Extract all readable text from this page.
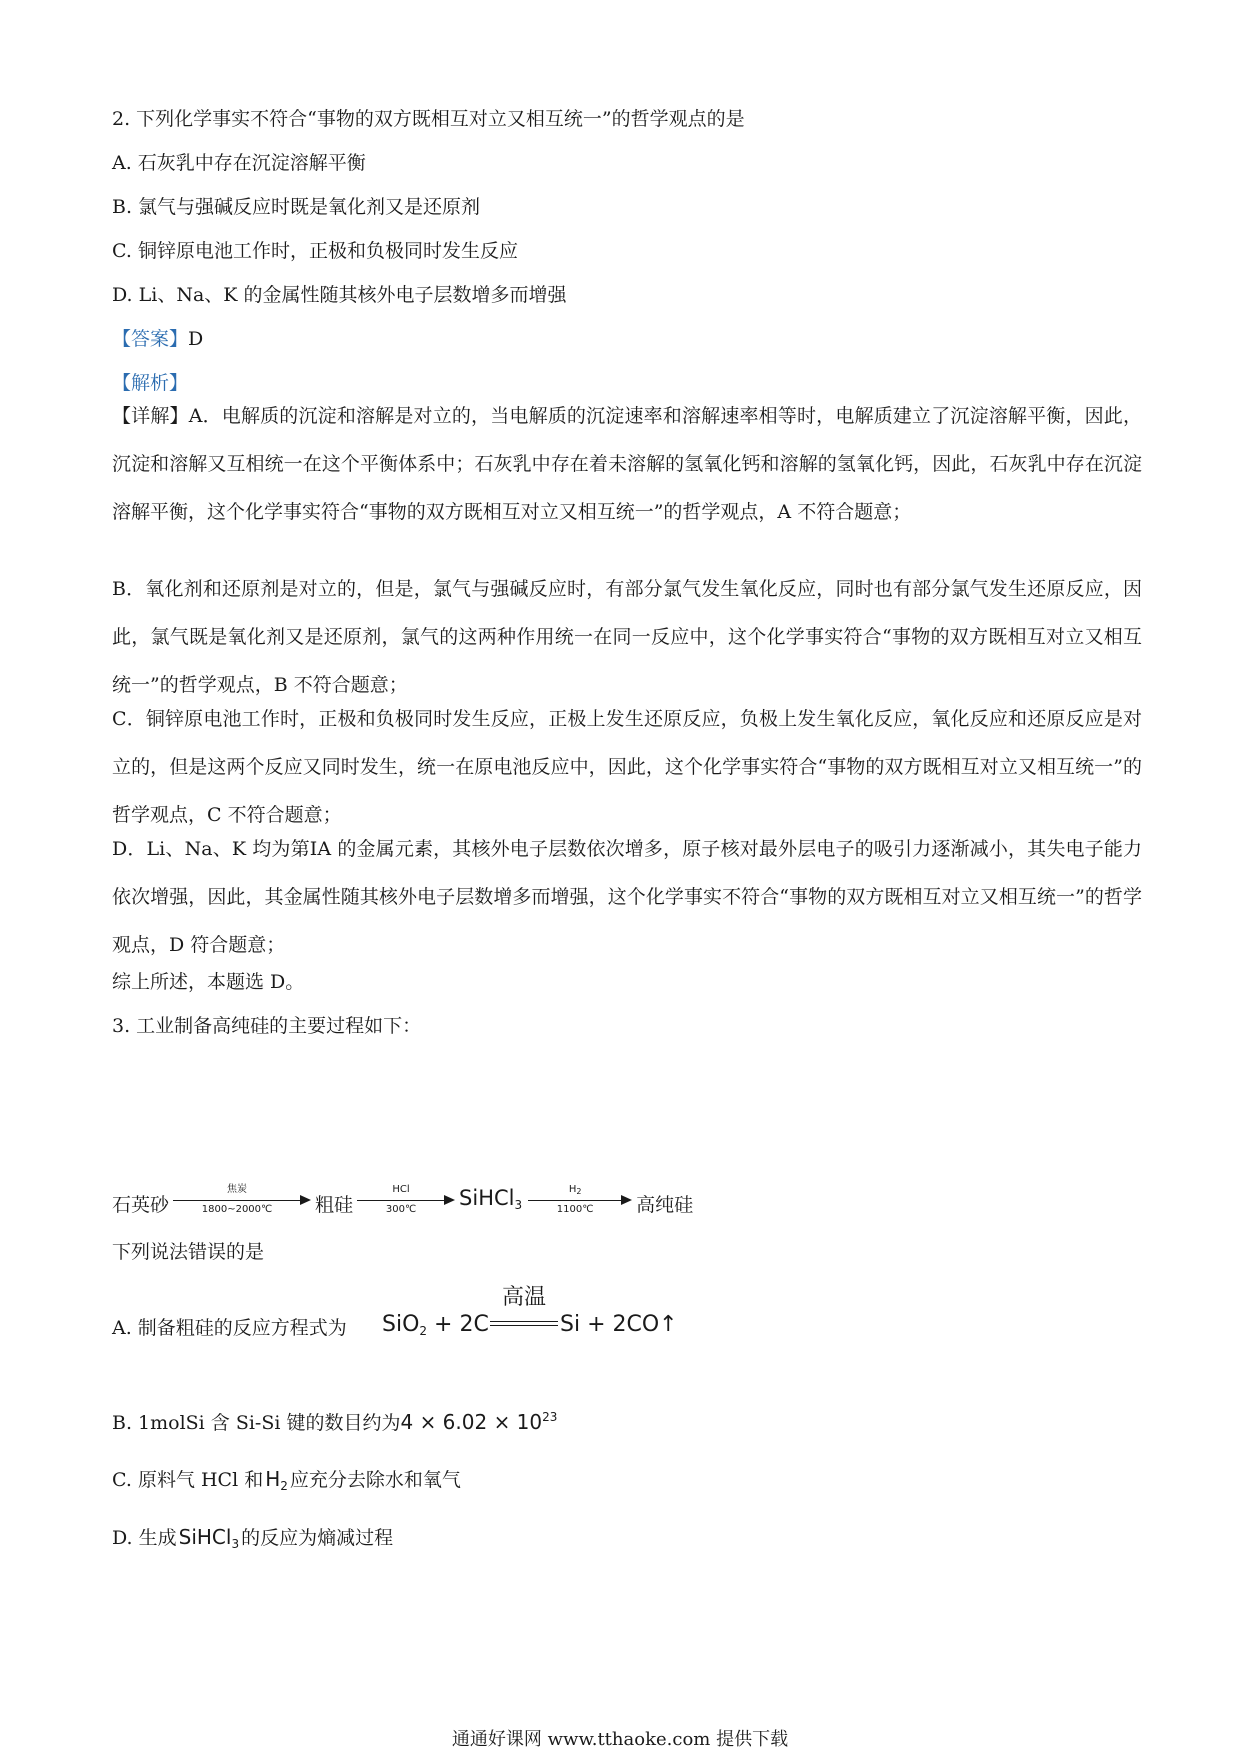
2. 下列化学事实不符合“事物的双方既相互对立又相互统一”的哲学观点的是
A. 石灰乳中存在沉淀溶解平衡
B. 氯气与强碱反应时既是氧化剂又是还原剂
C. 铜锌原电池工作时，正极和负极同时发生反应
D. Li、Na、K 的金属性随其核外电子层数增多而增强
【答案】D
【解析】
【详解】A．电解质的沉淀和溶解是对立的，当电解质的沉淀速率和溶解速率相等时，电解质建立了沉淀溶解平衡，因此，沉淀和溶解又互相统一在这个平衡体系中；石灰乳中存在着未溶解的氢氧化钙和溶解的氢氧化钙，因此，石灰乳中存在沉淀溶解平衡，这个化学事实符合“事物的双方既相互对立又相互统一”的哲学观点，A 不符合题意；
B．氧化剂和还原剂是对立的，但是，氯气与强碱反应时，有部分氯气发生氧化反应，同时也有部分氯气发生还原反应，因此，氯气既是氧化剂又是还原剂，氯气的这两种作用统一在同一反应中，这个化学事实符合“事物的双方既相互对立又相互统一”的哲学观点，B 不符合题意；
C．铜锌原电池工作时，正极和负极同时发生反应，正极上发生还原反应，负极上发生氧化反应，氧化反应和还原反应是对立的，但是这两个反应又同时发生，统一在原电池反应中，因此，这个化学事实符合“事物的双方既相互对立又相互统一”的哲学观点，C 不符合题意；
D．Li、Na、K 均为第ⅠA 的金属元素，其核外电子层数依次增多，原子核对最外层电子的吸引力逐渐减小，其失电子能力依次增强，因此，其金属性随其核外电子层数增多而增强，这个化学事实不符合“事物的双方既相互对立又相互统一”的哲学观点，D 符合题意；
综上所述，本题选 D。
3. 工业制备高纯硅的主要过程如下：
石英砂
焦炭
1800~2000℃	粗硅
HCl
300℃	SiHCl$_3$
$H_2$
1100℃	高纯硅
下列说法错误的是
A. 制备粗硅的反应方程式为 SiO$_2$ + 2C
高温
Si + 2CO↑
B. 1molSi 含 Si-Si 键的数目约为$4 \times 6.02 \times 10^{23}$
C. 原料气 HCl 和 $H_2$ 应充分去除水和氧气
D. 生成 SiHCl$_3$ 的反应为熵减过程
通通好课网 www.tthaoke.com 提供下载
